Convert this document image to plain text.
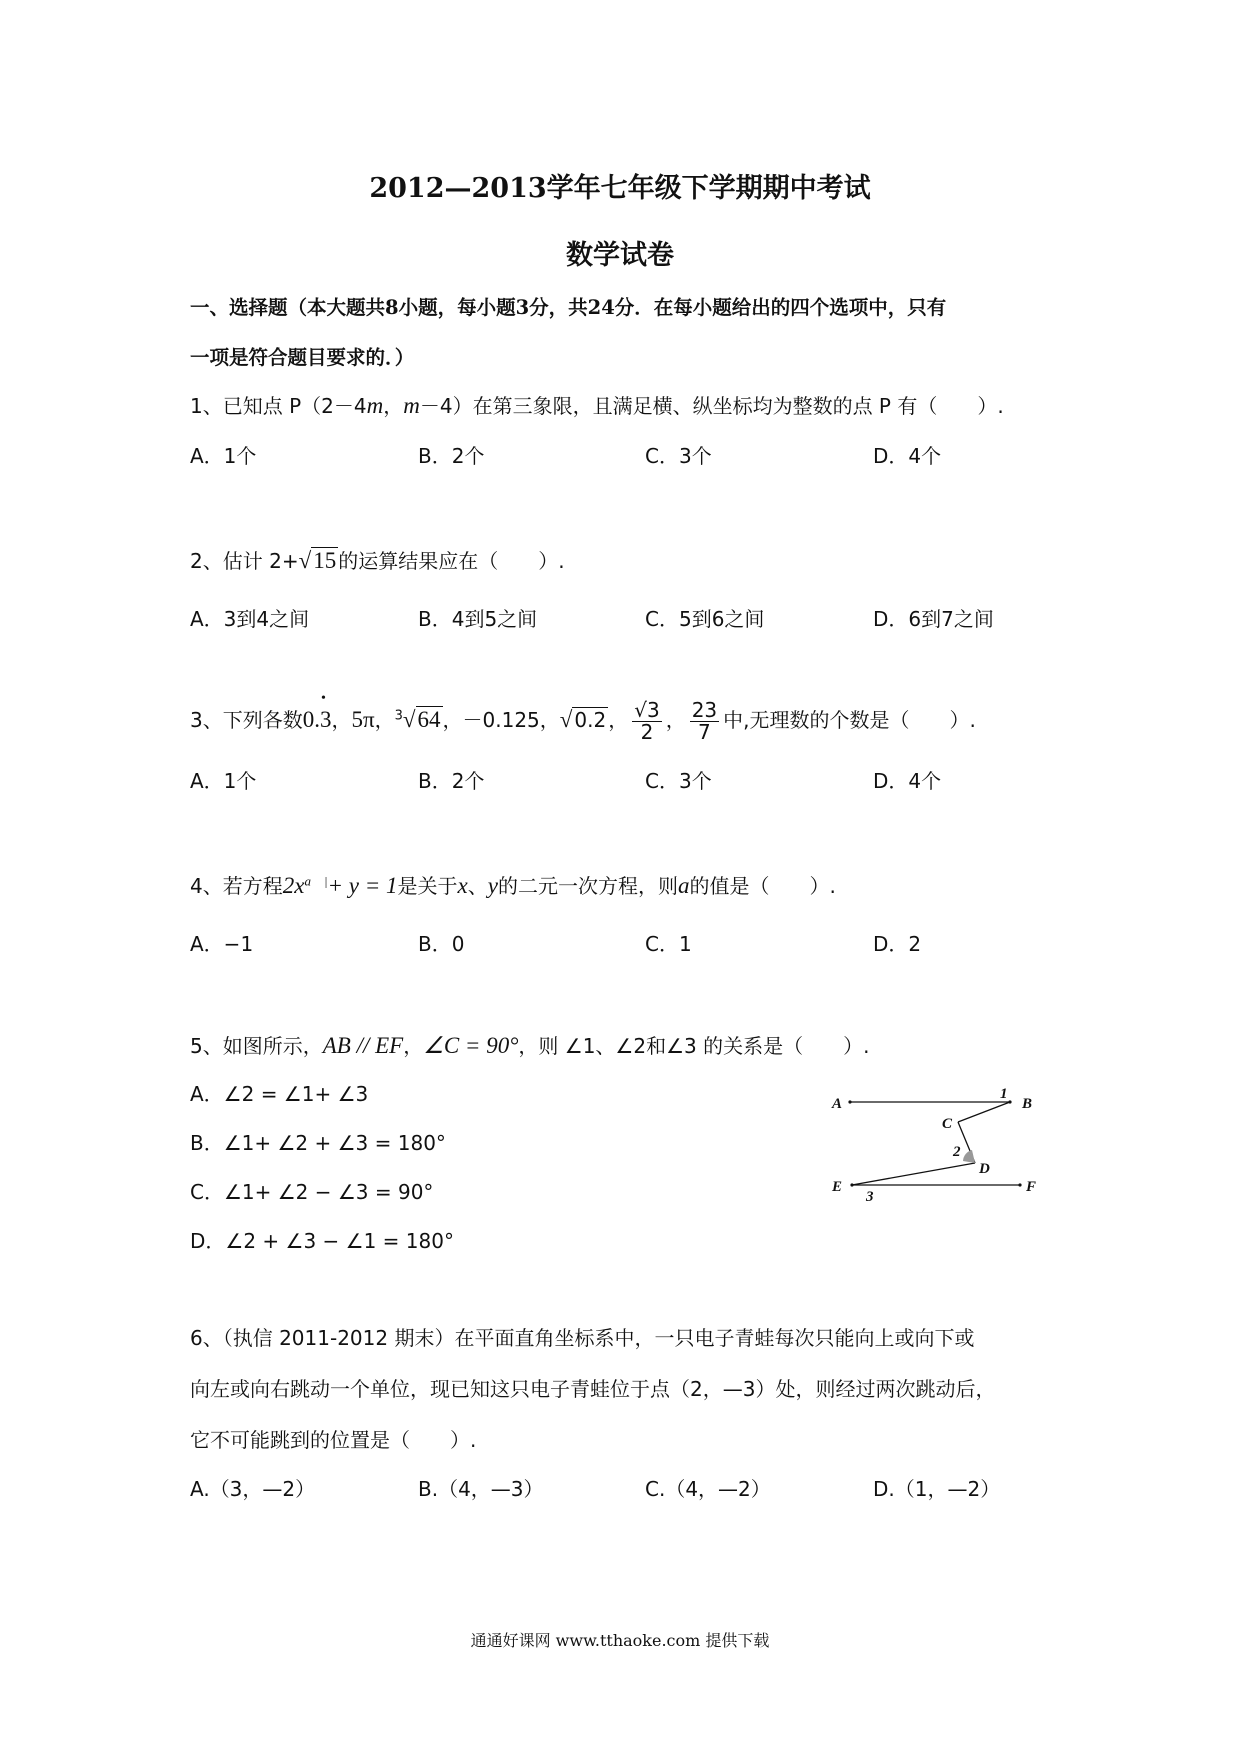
2012—2013学年七年级下学期期中考试
数学试卷
一、选择题（本大题共8小题，每小题3分，共24分．在每小题给出的四个选项中，只有
一项是符合题目要求的．）
1、已知点 P（2－4m，m－4）在第三象限，且满足横、纵坐标均为整数的点 P 有（　　）.
A．1个	B．2个	C．3个	D．4个
2、估计 2+√15 的运算结果应在（　　）.
A．3到4之间	B．4到5之间	C．5到6之间	D．6到7之间
3、下列各数0.• 3，5π，$^3$√64 ，－0.125，√ 0.2 ， $\frac{√3}{2}$ ， $\frac{23}{7}$ 中,无理数的个数是（　　）.
A．1个	B．2个	C．3个	D．4个
4、若方程$2x^{a |}+ y = 1$是关于x、y的二元一次方程，则a的值是（　　）.
A．−1	B．0	C．1	D．2
5、如图所示，AB // EF，∠C = 90°，则 ∠1、∠2和∠3 的关系是（　　）.
A．∠2 = ∠1+ ∠3
B．∠1+ ∠2 + ∠3 = 180°
C．∠1+ ∠2 − ∠3 = 90°
D．∠2 + ∠3 − ∠1 = 180°
A	B
C
D
E	F
1
2
3
6、（执信 2011-2012 期末）在平面直角坐标系中，一只电子青蛙每次只能向上或向下或
向左或向右跳动一个单位，现已知这只电子青蛙位于点（2，—3）处，则经过两次跳动后，
它不可能跳到的位置是（　　）.
A.（3，—2）	B.（4，—3）	C.（4，—2）	D.（1，—2）
通通好课网 www.tthaoke.com 提供下载
